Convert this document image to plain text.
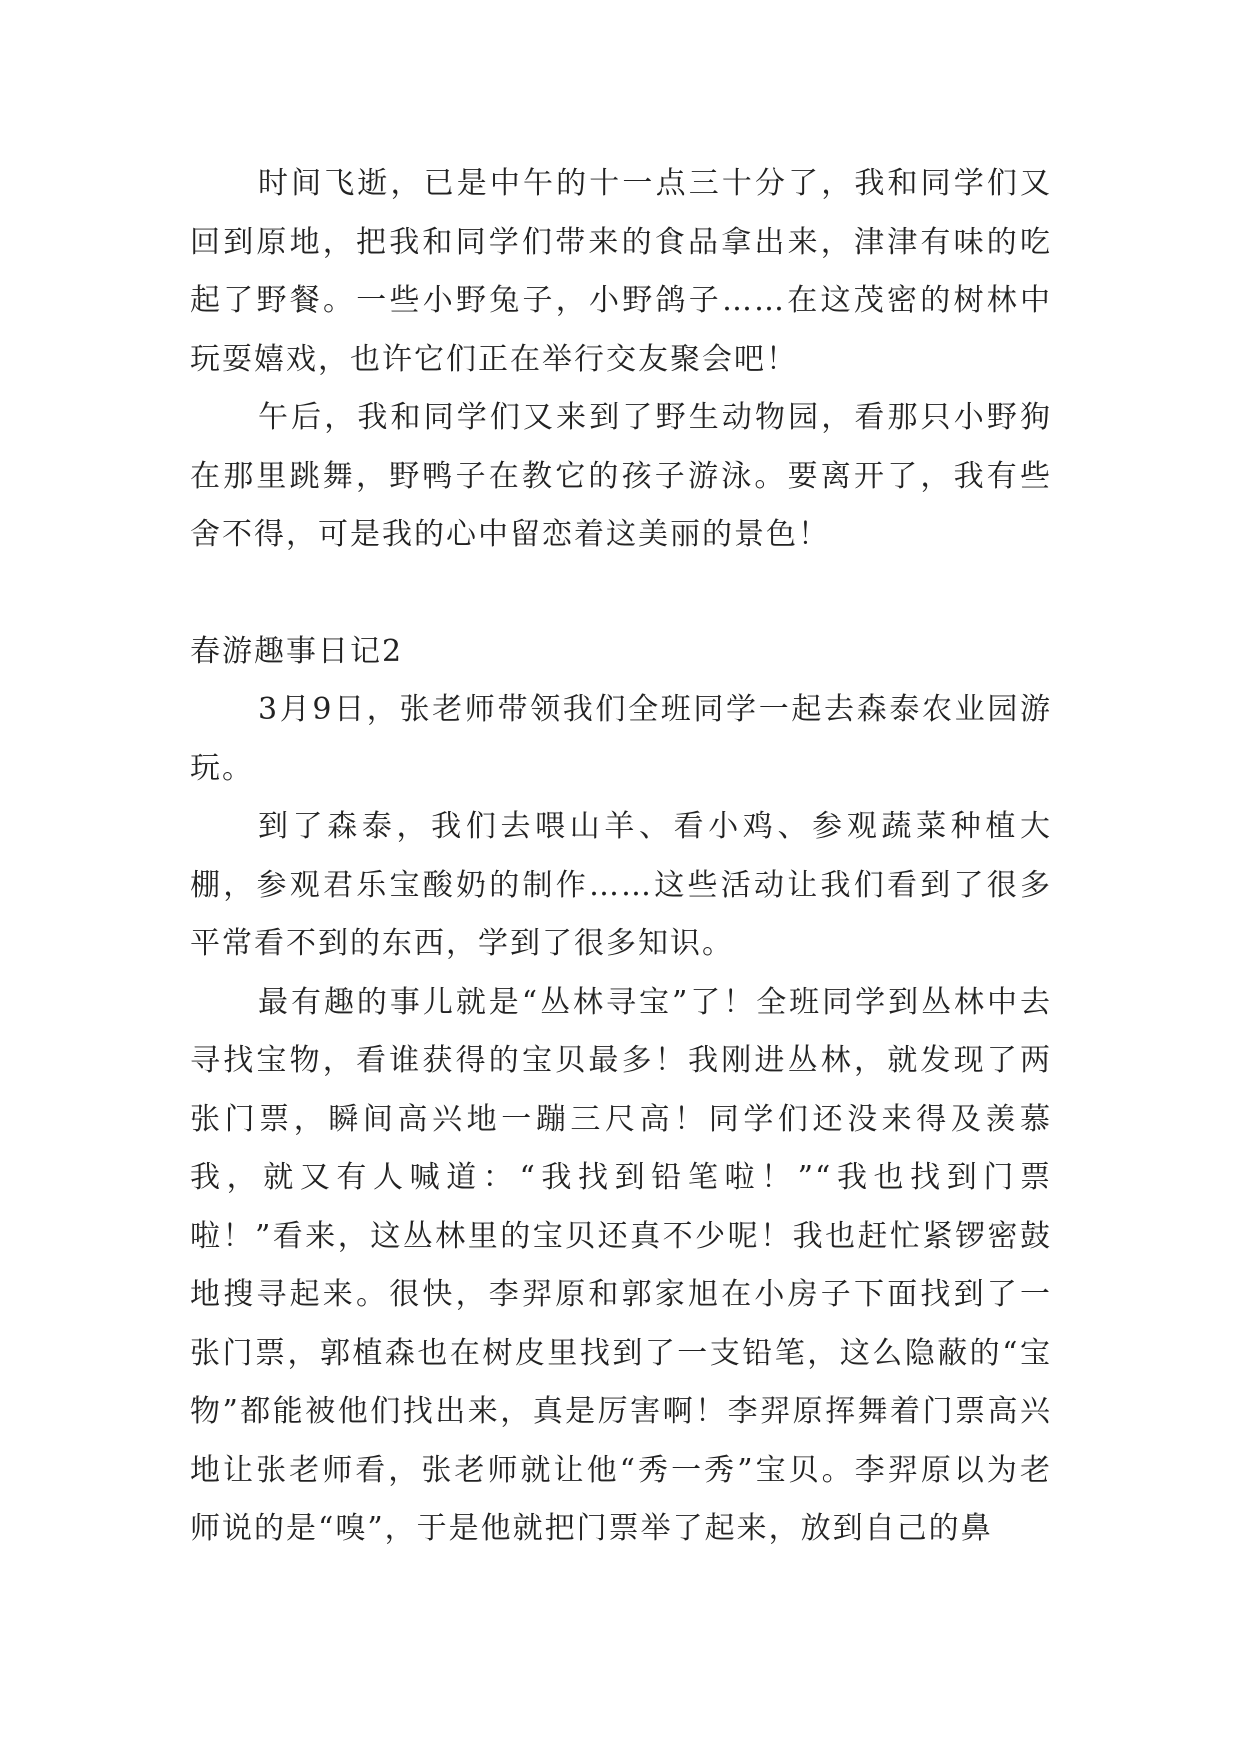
时间飞逝，已是中午的十一点三十分了，我和同学们又回到原地，把我和同学们带来的食品拿出来，津津有味的吃起了野餐。一些小野兔子，小野鸽子……在这茂密的树林中玩耍嬉戏，也许它们正在举行交友聚会吧！

午后，我和同学们又来到了野生动物园，看那只小野狗在那里跳舞，野鸭子在教它的孩子游泳。要离开了，我有些舍不得，可是我的心中留恋着这美丽的景色！

春游趣事日记2

3月9日，张老师带领我们全班同学一起去森泰农业园游玩。

到了森泰，我们去喂山羊、看小鸡、参观蔬菜种植大棚，参观君乐宝酸奶的制作……这些活动让我们看到了很多平常看不到的东西，学到了很多知识。

最有趣的事儿就是“丛林寻宝”了！全班同学到丛林中去寻找宝物，看谁获得的宝贝最多！我刚进丛林，就发现了两张门票，瞬间高兴地一蹦三尺高！同学们还没来得及羡慕我，就又有人喊道：“我找到铅笔啦！”“我也找到门票啦！”看来，这丛林里的宝贝还真不少呢！我也赶忙紧锣密鼓地搜寻起来。很快，李羿原和郭家旭在小房子下面找到了一张门票，郭植森也在树皮里找到了一支铅笔，这么隐蔽的“宝物”都能被他们找出来，真是厉害啊！李羿原挥舞着门票高兴地让张老师看，张老师就让他“秀一秀”宝贝。李羿原以为老师说的是“嗅”，于是他就把门票举了起来，放到自己的鼻
